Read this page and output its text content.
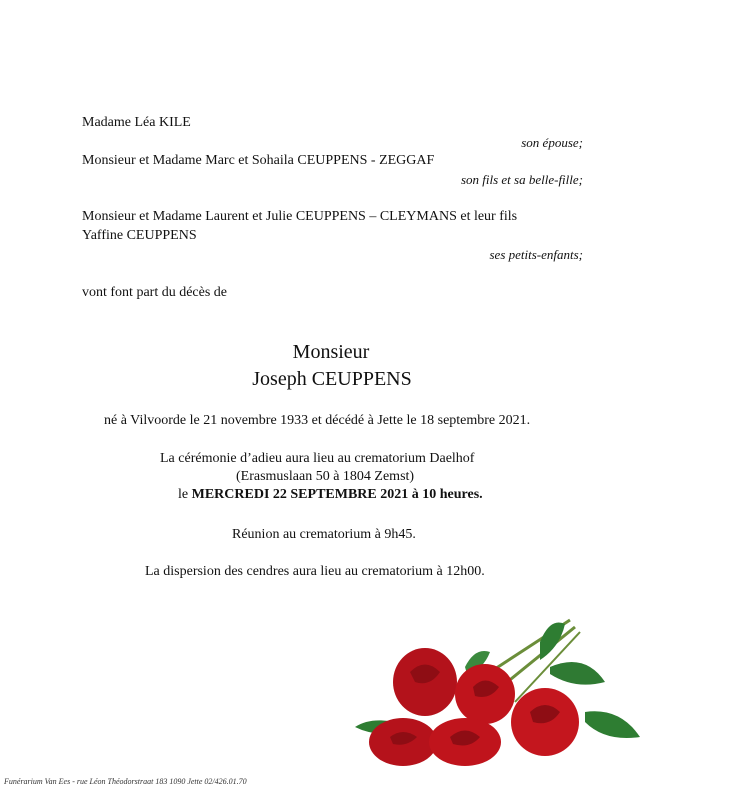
Madame Léa KILE
son épouse;
Monsieur et Madame Marc et Sohaila CEUPPENS - ZEGGAF
son fils et sa belle-fille;
Monsieur et Madame Laurent et Julie CEUPPENS – CLEYMANS et leur fils
Yaffine CEUPPENS
ses petits-enfants;
vont font part du décès de
Monsieur
Joseph CEUPPENS
né à Vilvoorde le 21 novembre 1933 et décédé à Jette le 18 septembre 2021.
La cérémonie d’adieu aura lieu au crematorium Daelhof
(Erasmuslaan 50 à 1804 Zemst)
le MERCREDI 22 SEPTEMBRE 2021 à 10 heures.
Réunion au crematorium à 9h45.
La dispersion des cendres aura lieu au crematorium à 12h00.
Funérarium Van Ees - rue Léon Théodorstraat 183 1090 Jette 02/426.01.70
